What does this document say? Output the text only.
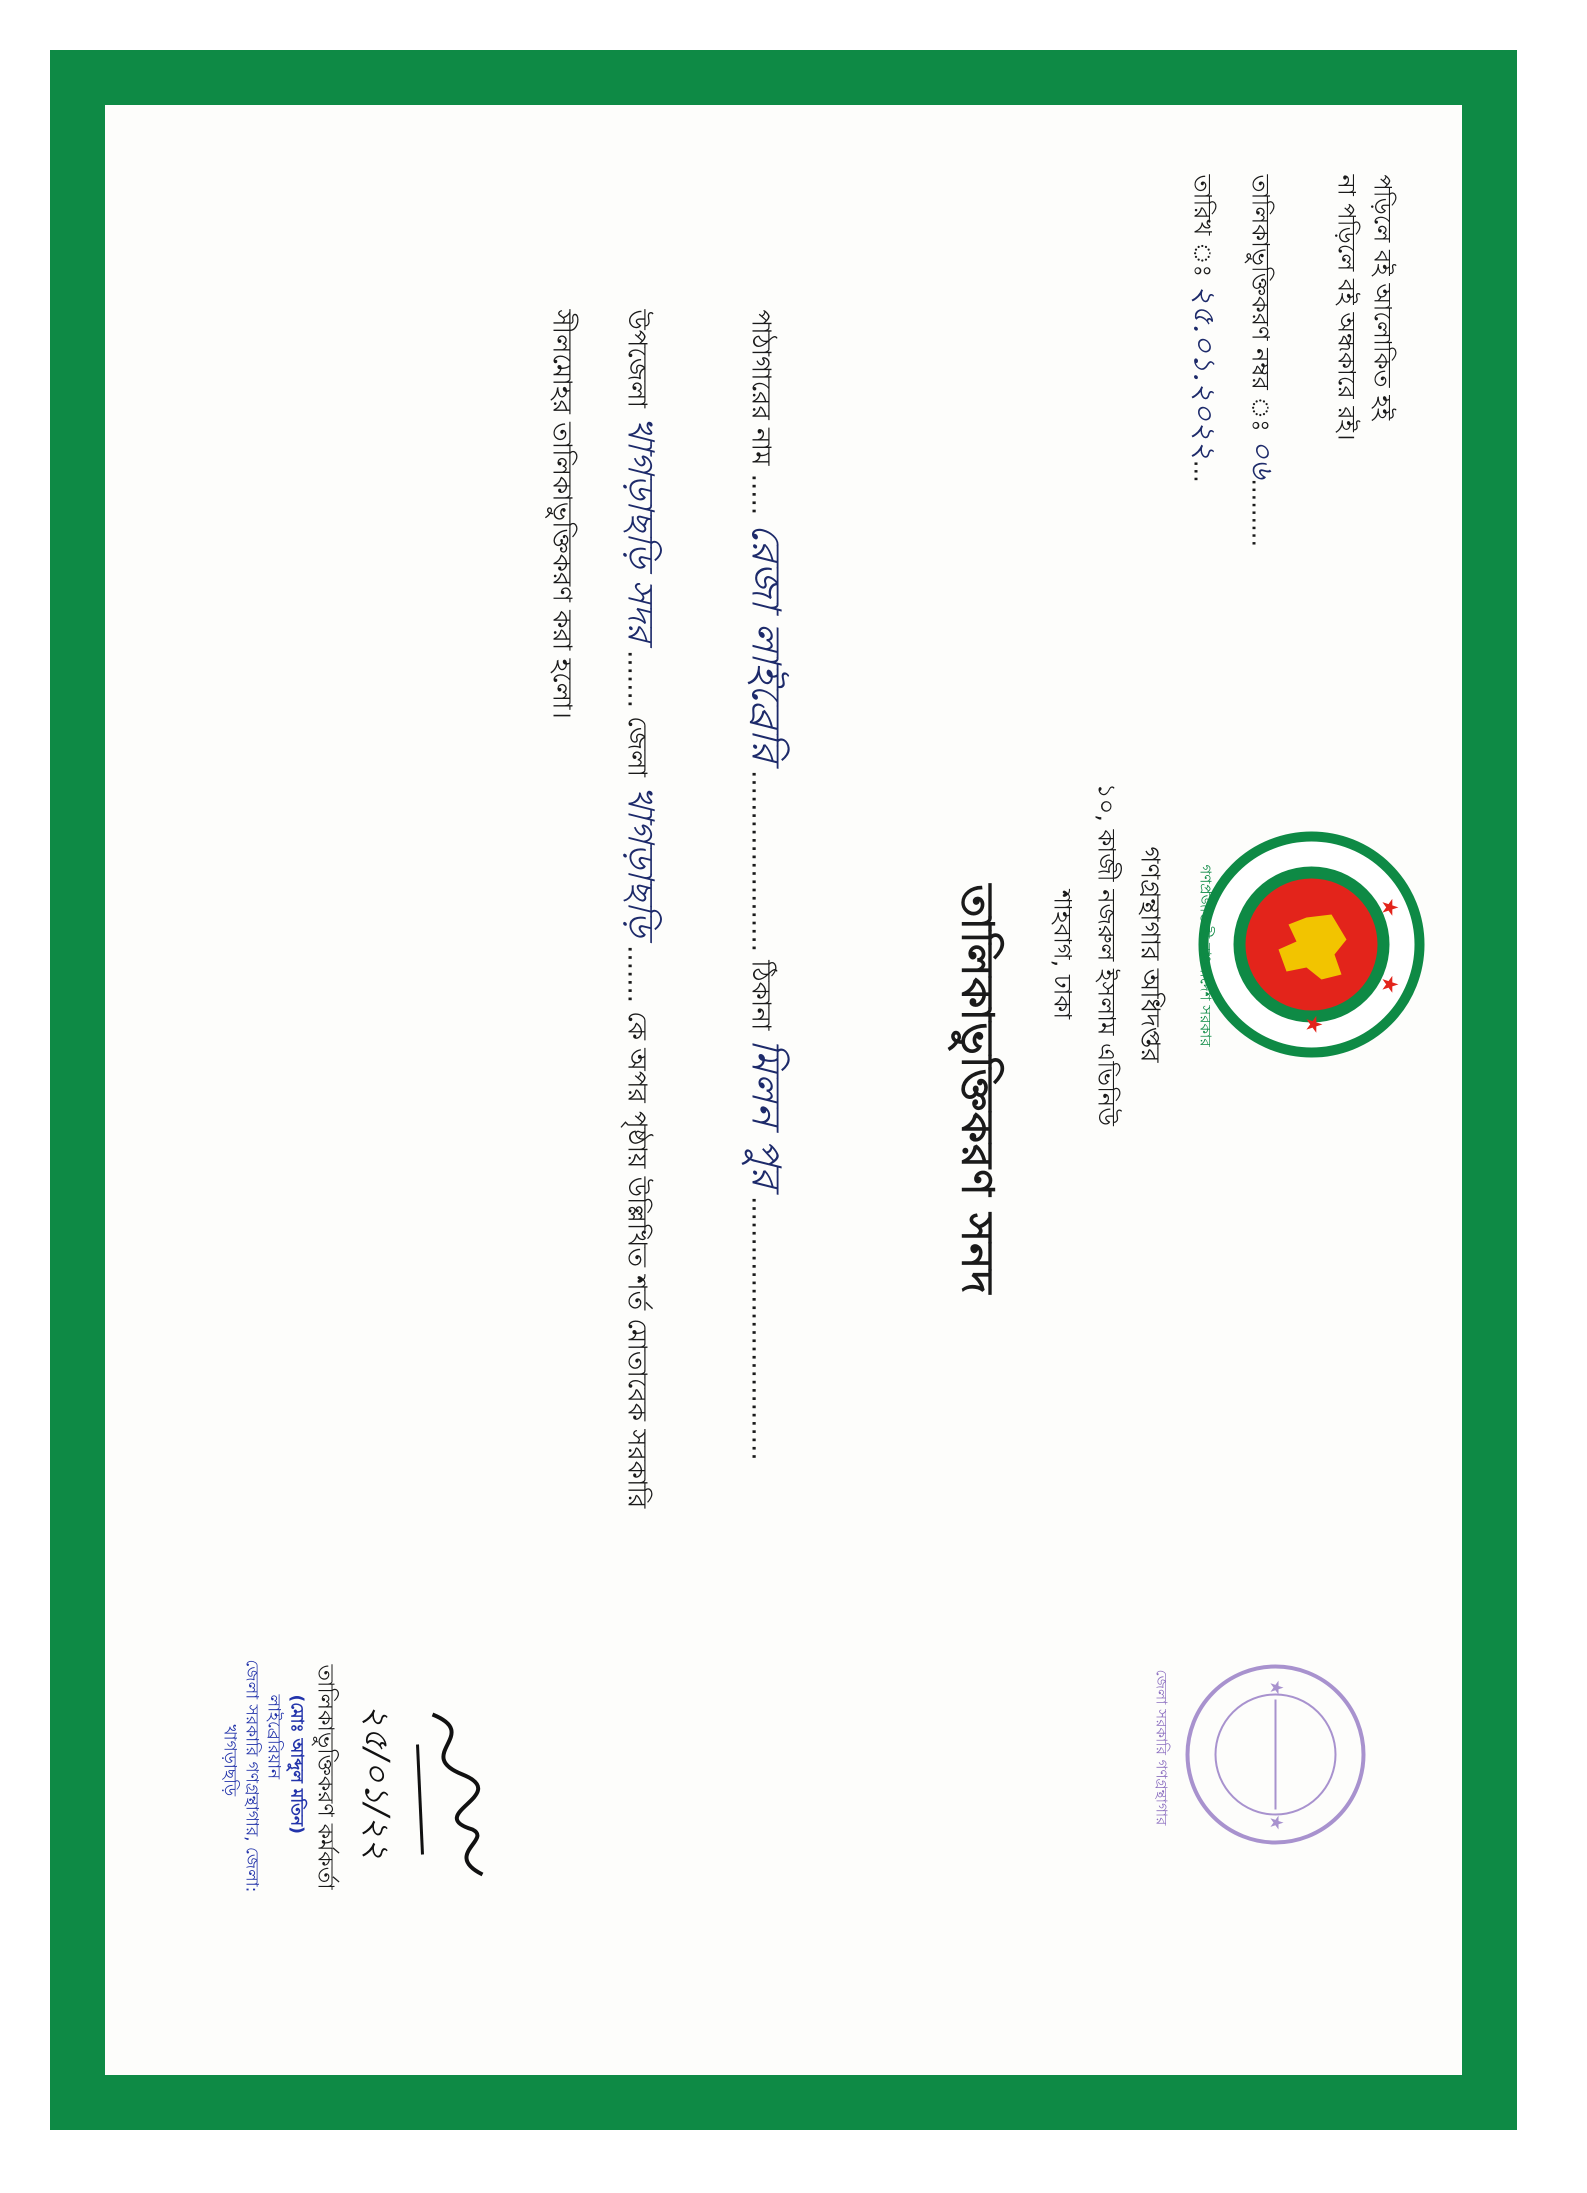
পড়িলে বই আলোকিত হই
না পড়িলে বই অন্ধকারে রই।
তালিকাভুক্তিকরণ নম্বর ঃ ০৬.........
তারিখ ঃ ২৫.০১.২০২২...
★
★
★
গণপ্রজাতন্ত্রী বাংলাদেশ সরকার
গণগ্রন্থাগার অধিদপ্তর
১০, কাজী নজরুল ইসলাম এভিনিউ
শাহবাগ, ঢাকা
★
★
জেলা সরকারি গণগ্রন্থাগার
তালিকাভুক্তিকরণ সনদ
পাঠাগারের নাম ..... রেজা লাইব্রেরি ...................... ঠিকানা মিলন পুর ................................
উপজেলা খাগড়াছড়ি সদর ....... জেলা খাগড়াছড়ি ....... কে অপর পৃষ্ঠায় উল্লিখিত শর্ত মোতাবেক সরকারি
সীলমোহর তালিকাভুক্তিকরণ করা হলো।
২৫/০১/২২
তালিকাভুক্তিকরণ কর্মকর্তা
(মোঃ আব্দুল মতিন)
লাইব্রেরিয়ান
জেলা সরকারি গণগ্রন্থাগার, জেলা:
খাগড়াছড়ি
